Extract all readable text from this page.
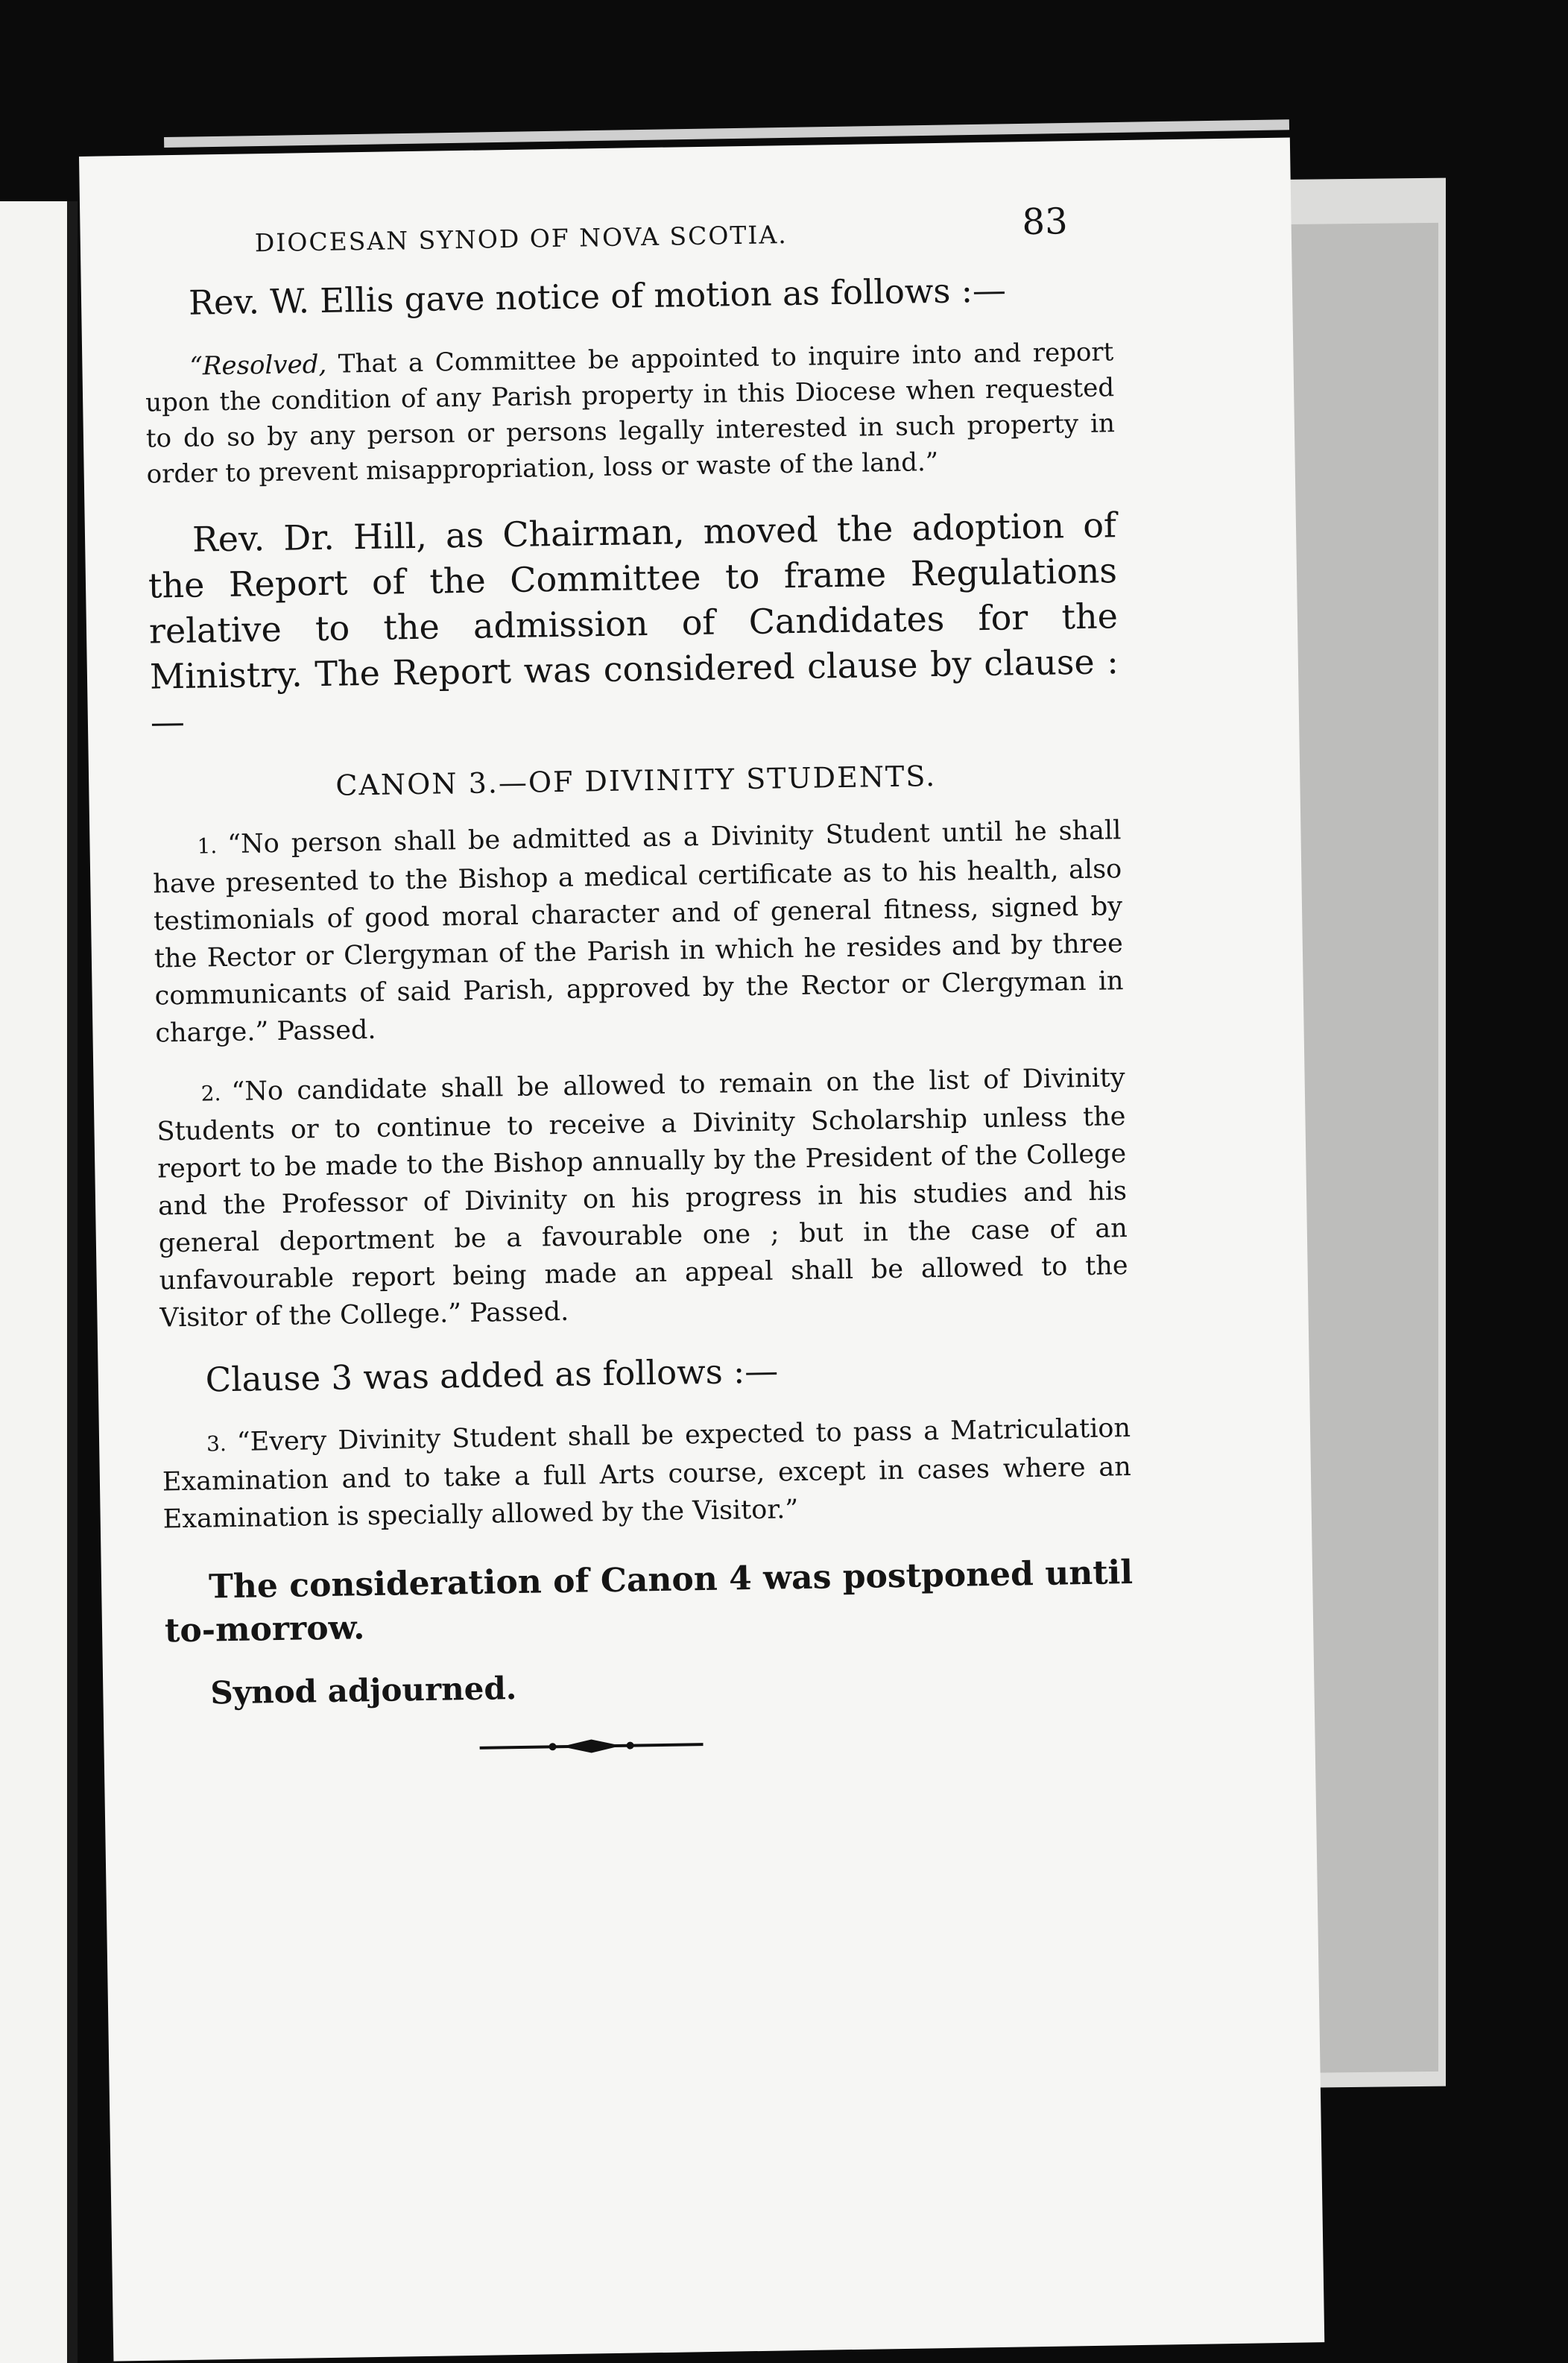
DIOCESAN SYNOD OF NOVA SCOTIA.	83

Rev. W. Ellis gave notice of motion as follows :—

“Resolved, That a Committee be appointed to inquire into and report upon the condition of any Parish property in this Diocese when requested to do so by any person or persons legally interested in such property in order to prevent misappropriation, loss or waste of the land.”

Rev. Dr. Hill, as Chairman, moved the adoption of the Report of the Committee to frame Regulations relative to the admission of Candidates for the Ministry. The Report was considered clause by clause :—

CANON 3.—OF DIVINITY STUDENTS.

1. “No person shall be admitted as a Divinity Student until he shall have presented to the Bishop a medical certificate as to his health, also testimonials of good moral character and of general fitness, signed by the Rector or Clergyman of the Parish in which he resides and by three communicants of said Parish, approved by the Rector or Clergyman in charge.” Passed.

2. “No candidate shall be allowed to remain on the list of Divinity Students or to continue to receive a Divinity Scholarship unless the report to be made to the Bishop annually by the President of the College and the Professor of Divinity on his progress in his studies and his general deportment be a favourable one ; but in the case of an unfavourable report being made an appeal shall be allowed to the Visitor of the College.” Passed.

Clause 3 was added as follows :—

3. “Every Divinity Student shall be expected to pass a Matriculation Examination and to take a full Arts course, except in cases where an Examination is specially allowed by the Visitor.”

The consideration of Canon 4 was postponed until to-morrow.

Synod adjourned.
